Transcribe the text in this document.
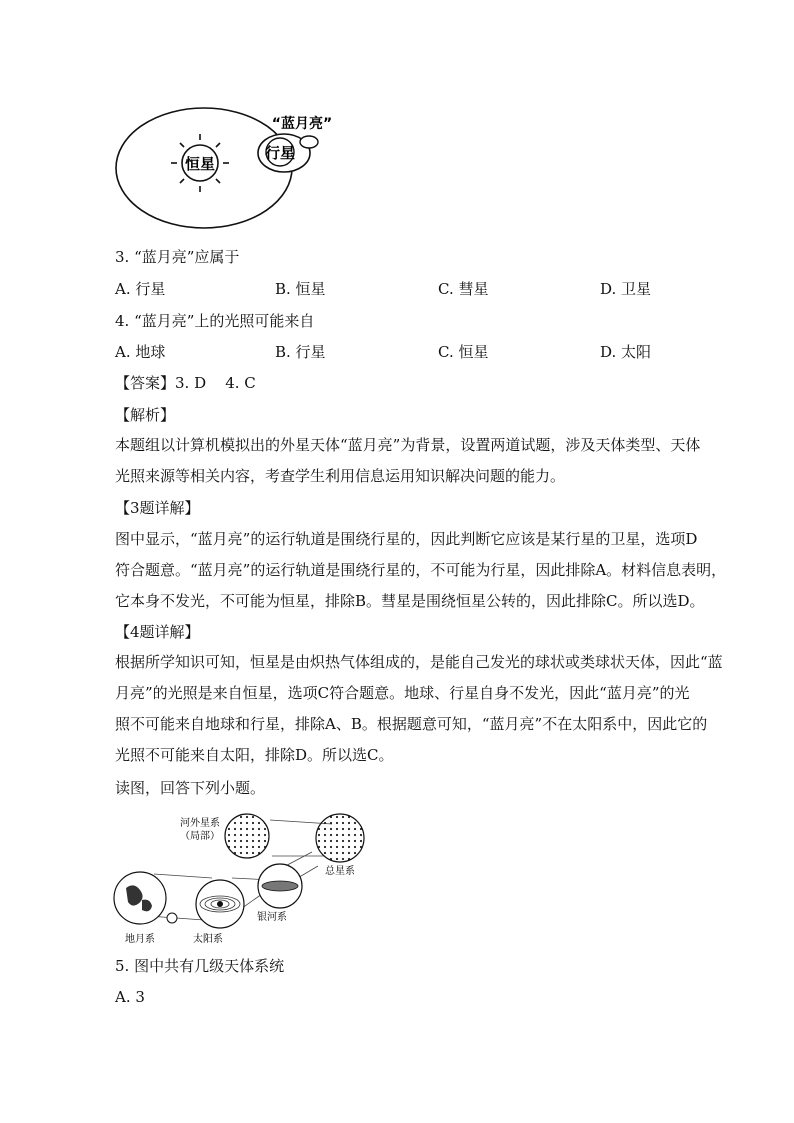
恒星
行星
“蓝月亮”
3. “蓝月亮”应属于
A. 行星	B. 恒星	C. 彗星	D. 卫星
4. “蓝月亮”上的光照可能来自
A. 地球	B. 行星	C. 恒星	D. 太阳
【答案】3. D    4. C
【解析】
本题组以计算机模拟出的外星天体“蓝月亮”为背景，设置两道试题，涉及天体类型、天体
光照来源等相关内容，考查学生利用信息运用知识解决问题的能力。
【3题详解】
图中显示，“蓝月亮”的运行轨道是围绕行星的，因此判断它应该是某行星的卫星，选项D
符合题意。“蓝月亮”的运行轨道是围绕行星的，不可能为行星，因此排除A。材料信息表明，
它本身不发光，不可能为恒星，排除B。彗星是围绕恒星公转的，因此排除C。所以选D。
【4题详解】
根据所学知识可知，恒星是由炽热气体组成的，是能自己发光的球状或类球状天体，因此“蓝
月亮”的光照是来自恒星，选项C符合题意。地球、行星自身不发光，因此“蓝月亮”的光
照不可能来自地球和行星，排除A、B。根据题意可知，“蓝月亮”不在太阳系中，因此它的
光照不可能来自太阳，排除D。所以选C。
读图，回答下列小题。
河外星系
（局部）
总星系
银河系
太阳系
地月系
5. 图中共有几级天体系统
A. 3
